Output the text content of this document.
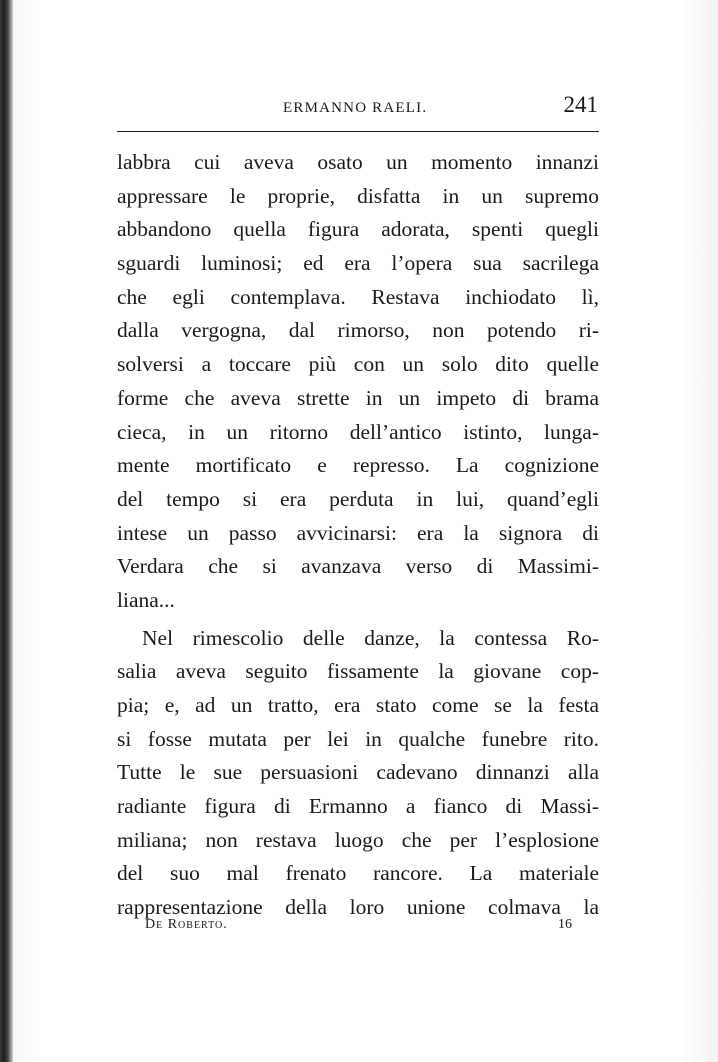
ERMANNO RAELI.	241
labbra cui aveva osato un momento innanzi
appressare le proprie, disfatta in un supremo
abbandono quella figura adorata, spenti quegli
sguardi luminosi; ed era l’opera sua sacrilega
che egli contemplava. Restava inchiodato lì,
dalla vergogna, dal rimorso, non potendo ri-
solversi a toccare più con un solo dito quelle
forme che aveva strette in un impeto di brama
cieca, in un ritorno dell’antico istinto, lunga-
mente mortificato e represso. La cognizione
del tempo si era perduta in lui, quand’egli
intese un passo avvicinarsi: era la signora di
Verdara che si avanzava verso di Massimi-
liana...
Nel rimescolio delle danze, la contessa Ro-
salia aveva seguito fissamente la giovane cop-
pia; e, ad un tratto, era stato come se la festa
si fosse mutata per lei in qualche funebre rito.
Tutte le sue persuasioni cadevano dinnanzi alla
radiante figura di Ermanno a fianco di Massi-
miliana; non restava luogo che per l’esplosione
del suo mal frenato rancore. La materiale
rappresentazione della loro unione colmava la
De Roberto.	16
